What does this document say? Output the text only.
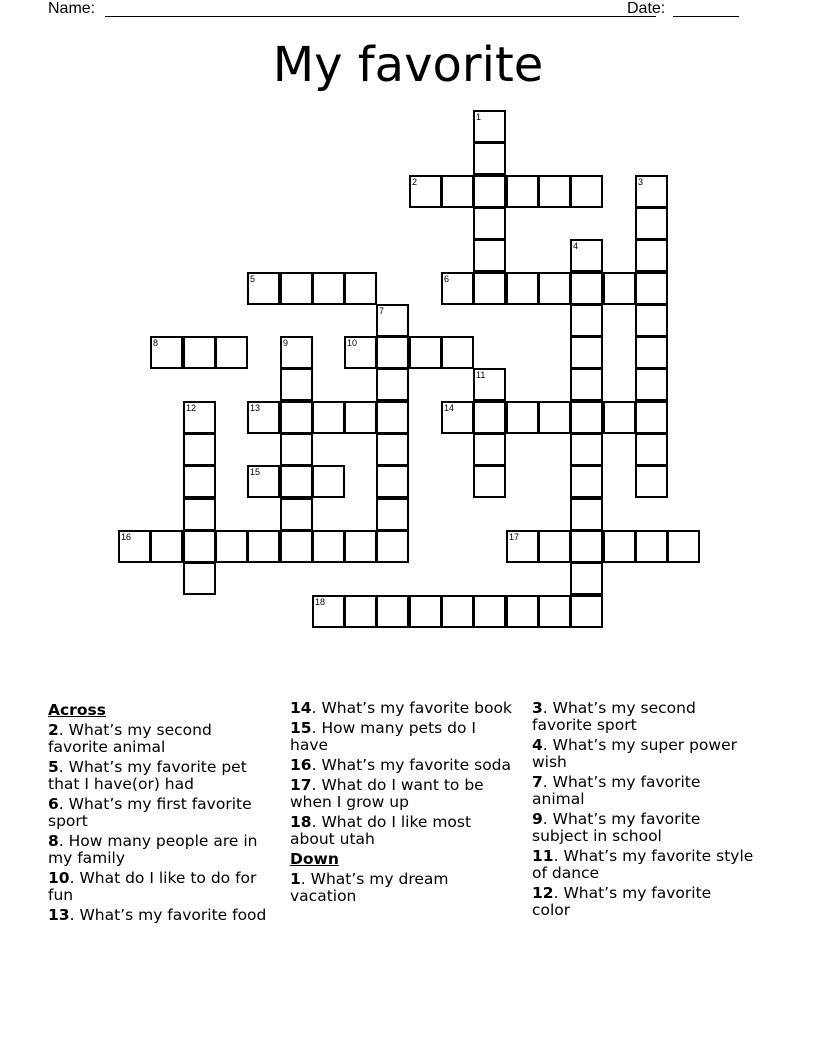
Name:	Date:
My favorite
2
5	6
8	10
13	14
15
16	17
18
1
3
4
7
9
11
12
Across
2. What’s my second favorite animal
5. What’s my favorite pet that I have(or) had
6. What’s my first favorite sport
8. How many people are in my family
10. What do I like to do for fun
13. What’s my favorite food
14. What’s my favorite book
15. How many pets do I have
16. What’s my favorite soda
17. What do I want to be when I grow up
18. What do I like most about utah
Down
1. What’s my dream vacation
3. What’s my second favorite sport
4. What’s my super power wish
7. What’s my favorite animal
9. What’s my favorite subject in school
11. What’s my favorite style of dance
12. What’s my favorite color
